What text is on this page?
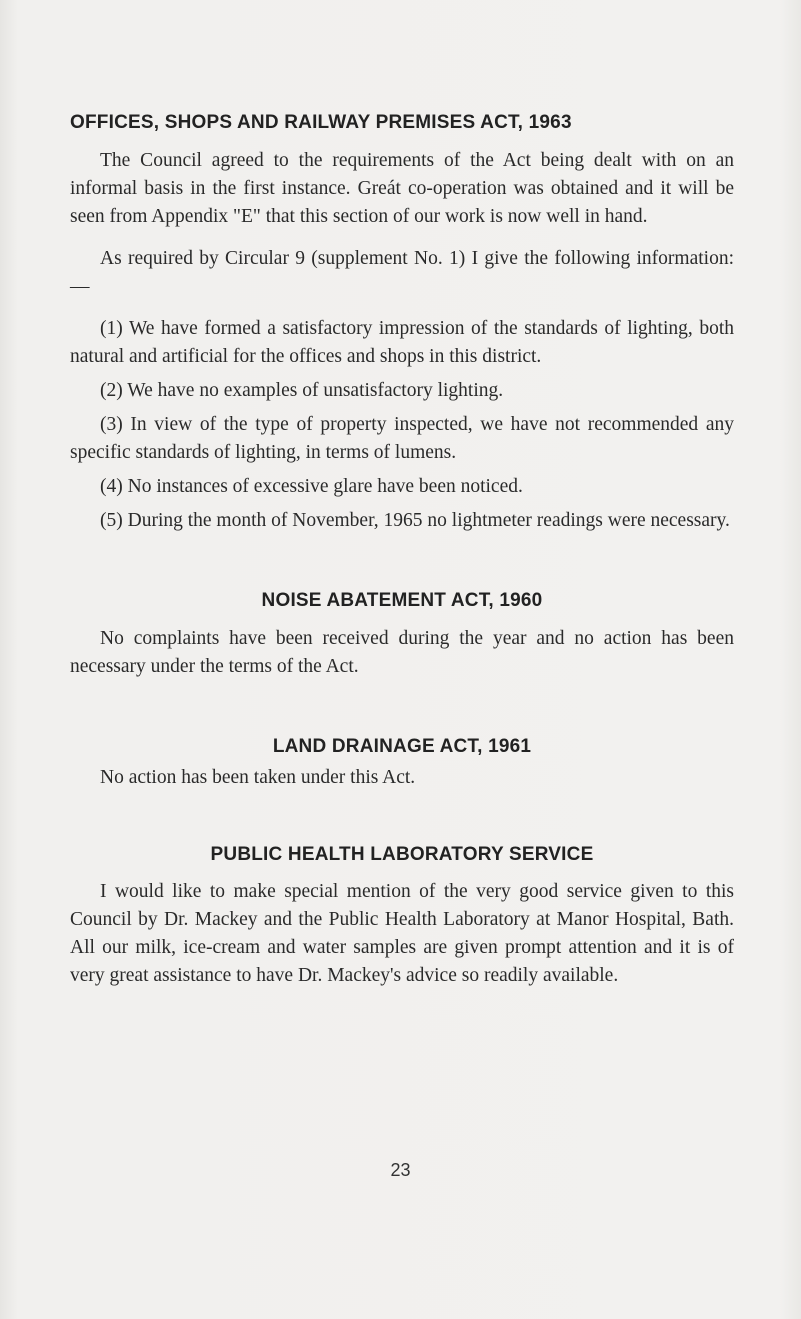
OFFICES, SHOPS AND RAILWAY PREMISES ACT, 1963

The Council agreed to the requirements of the Act being dealt with on an informal basis in the first instance. Greát co-operation was obtained and it will be seen from Appendix "E" that this section of our work is now well in hand.

As required by Circular 9 (supplement No. 1) I give the following information:—

(1) We have formed a satisfactory impression of the standards of lighting, both natural and artificial for the offices and shops in this district.

(2) We have no examples of unsatisfactory lighting.

(3) In view of the type of property inspected, we have not recommended any specific standards of lighting, in terms of lumens.

(4) No instances of excessive glare have been noticed.

(5) During the month of November, 1965 no lightmeter readings were necessary.

NOISE ABATEMENT ACT, 1960

No complaints have been received during the year and no action has been necessary under the terms of the Act.

LAND DRAINAGE ACT, 1961

No action has been taken under this Act.

PUBLIC HEALTH LABORATORY SERVICE

I would like to make special mention of the very good service given to this Council by Dr. Mackey and the Public Health Laboratory at Manor Hospital, Bath. All our milk, ice-cream and water samples are given prompt attention and it is of very great assistance to have Dr. Mackey's advice so readily available.

23
